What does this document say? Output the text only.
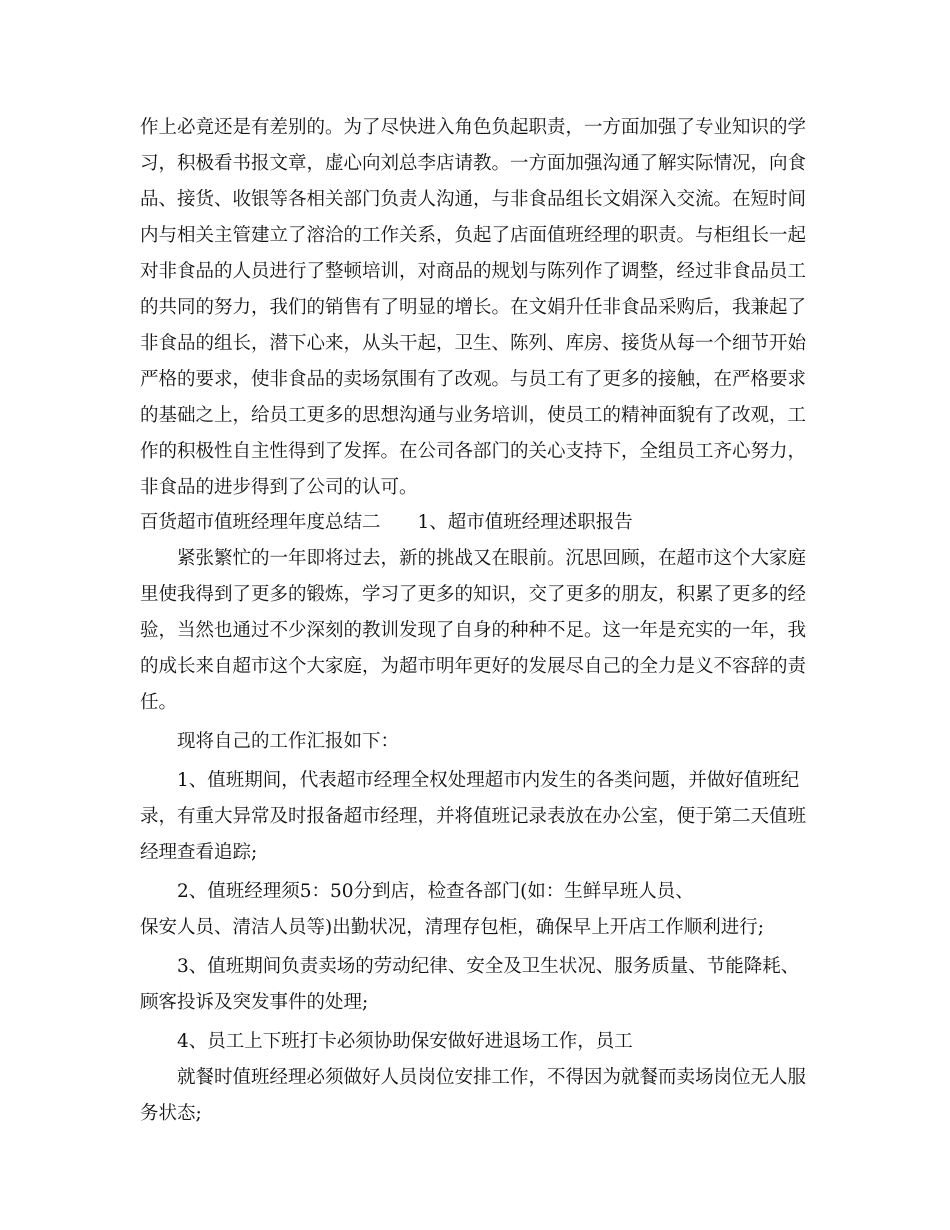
作上必竟还是有差别的。为了尽快进入角色负起职责，一方面加强了专业知识的学
习，积极看书报文章，虚心向刘总李店请教。一方面加强沟通了解实际情况，向食
品、接货、收银等各相关部门负责人沟通，与非食品组长文娟深入交流。在短时间
内与相关主管建立了溶洽的工作关系，负起了店面值班经理的职责。与柜组长一起
对非食品的人员进行了整顿培训，对商品的规划与陈列作了调整，经过非食品员工
的共同的努力，我们的销售有了明显的增长。在文娟升任非食品采购后，我兼起了
非食品的组长，潜下心来，从头干起，卫生、陈列、库房、接货从每一个细节开始
严格的要求，使非食品的卖场氛围有了改观。与员工有了更多的接触，在严格要求
的基础之上，给员工更多的思想沟通与业务培训，使员工的精神面貌有了改观，工
作的积极性自主性得到了发挥。在公司各部门的关心支持下，全组员工齐心努力，
非食品的进步得到了公司的认可。
百货超市值班经理年度总结二　　1、超市值班经理述职报告
紧张繁忙的一年即将过去，新的挑战又在眼前。沉思回顾，在超市这个大家庭
里使我得到了更多的锻炼，学习了更多的知识，交了更多的朋友，积累了更多的经
验，当然也通过不少深刻的教训发现了自身的种种不足。这一年是充实的一年，我
的成长来自超市这个大家庭，为超市明年更好的发展尽自己的全力是义不容辞的责
任。
现将自己的工作汇报如下：
1、值班期间，代表超市经理全权处理超市内发生的各类问题，并做好值班纪
录，有重大异常及时报备超市经理，并将值班记录表放在办公室，便于第二天值班
经理查看追踪;
2、值班经理须5：50分到店，检查各部门(如：生鲜早班人员、
保安人员、清洁人员等)出勤状况，清理存包柜，确保早上开店工作顺利进行;
3、值班期间负责卖场的劳动纪律、安全及卫生状况、服务质量、节能降耗、
顾客投诉及突发事件的处理;
4、员工上下班打卡必须协助保安做好进退场工作，员工
就餐时值班经理必须做好人员岗位安排工作，不得因为就餐而卖场岗位无人服
务状态;
